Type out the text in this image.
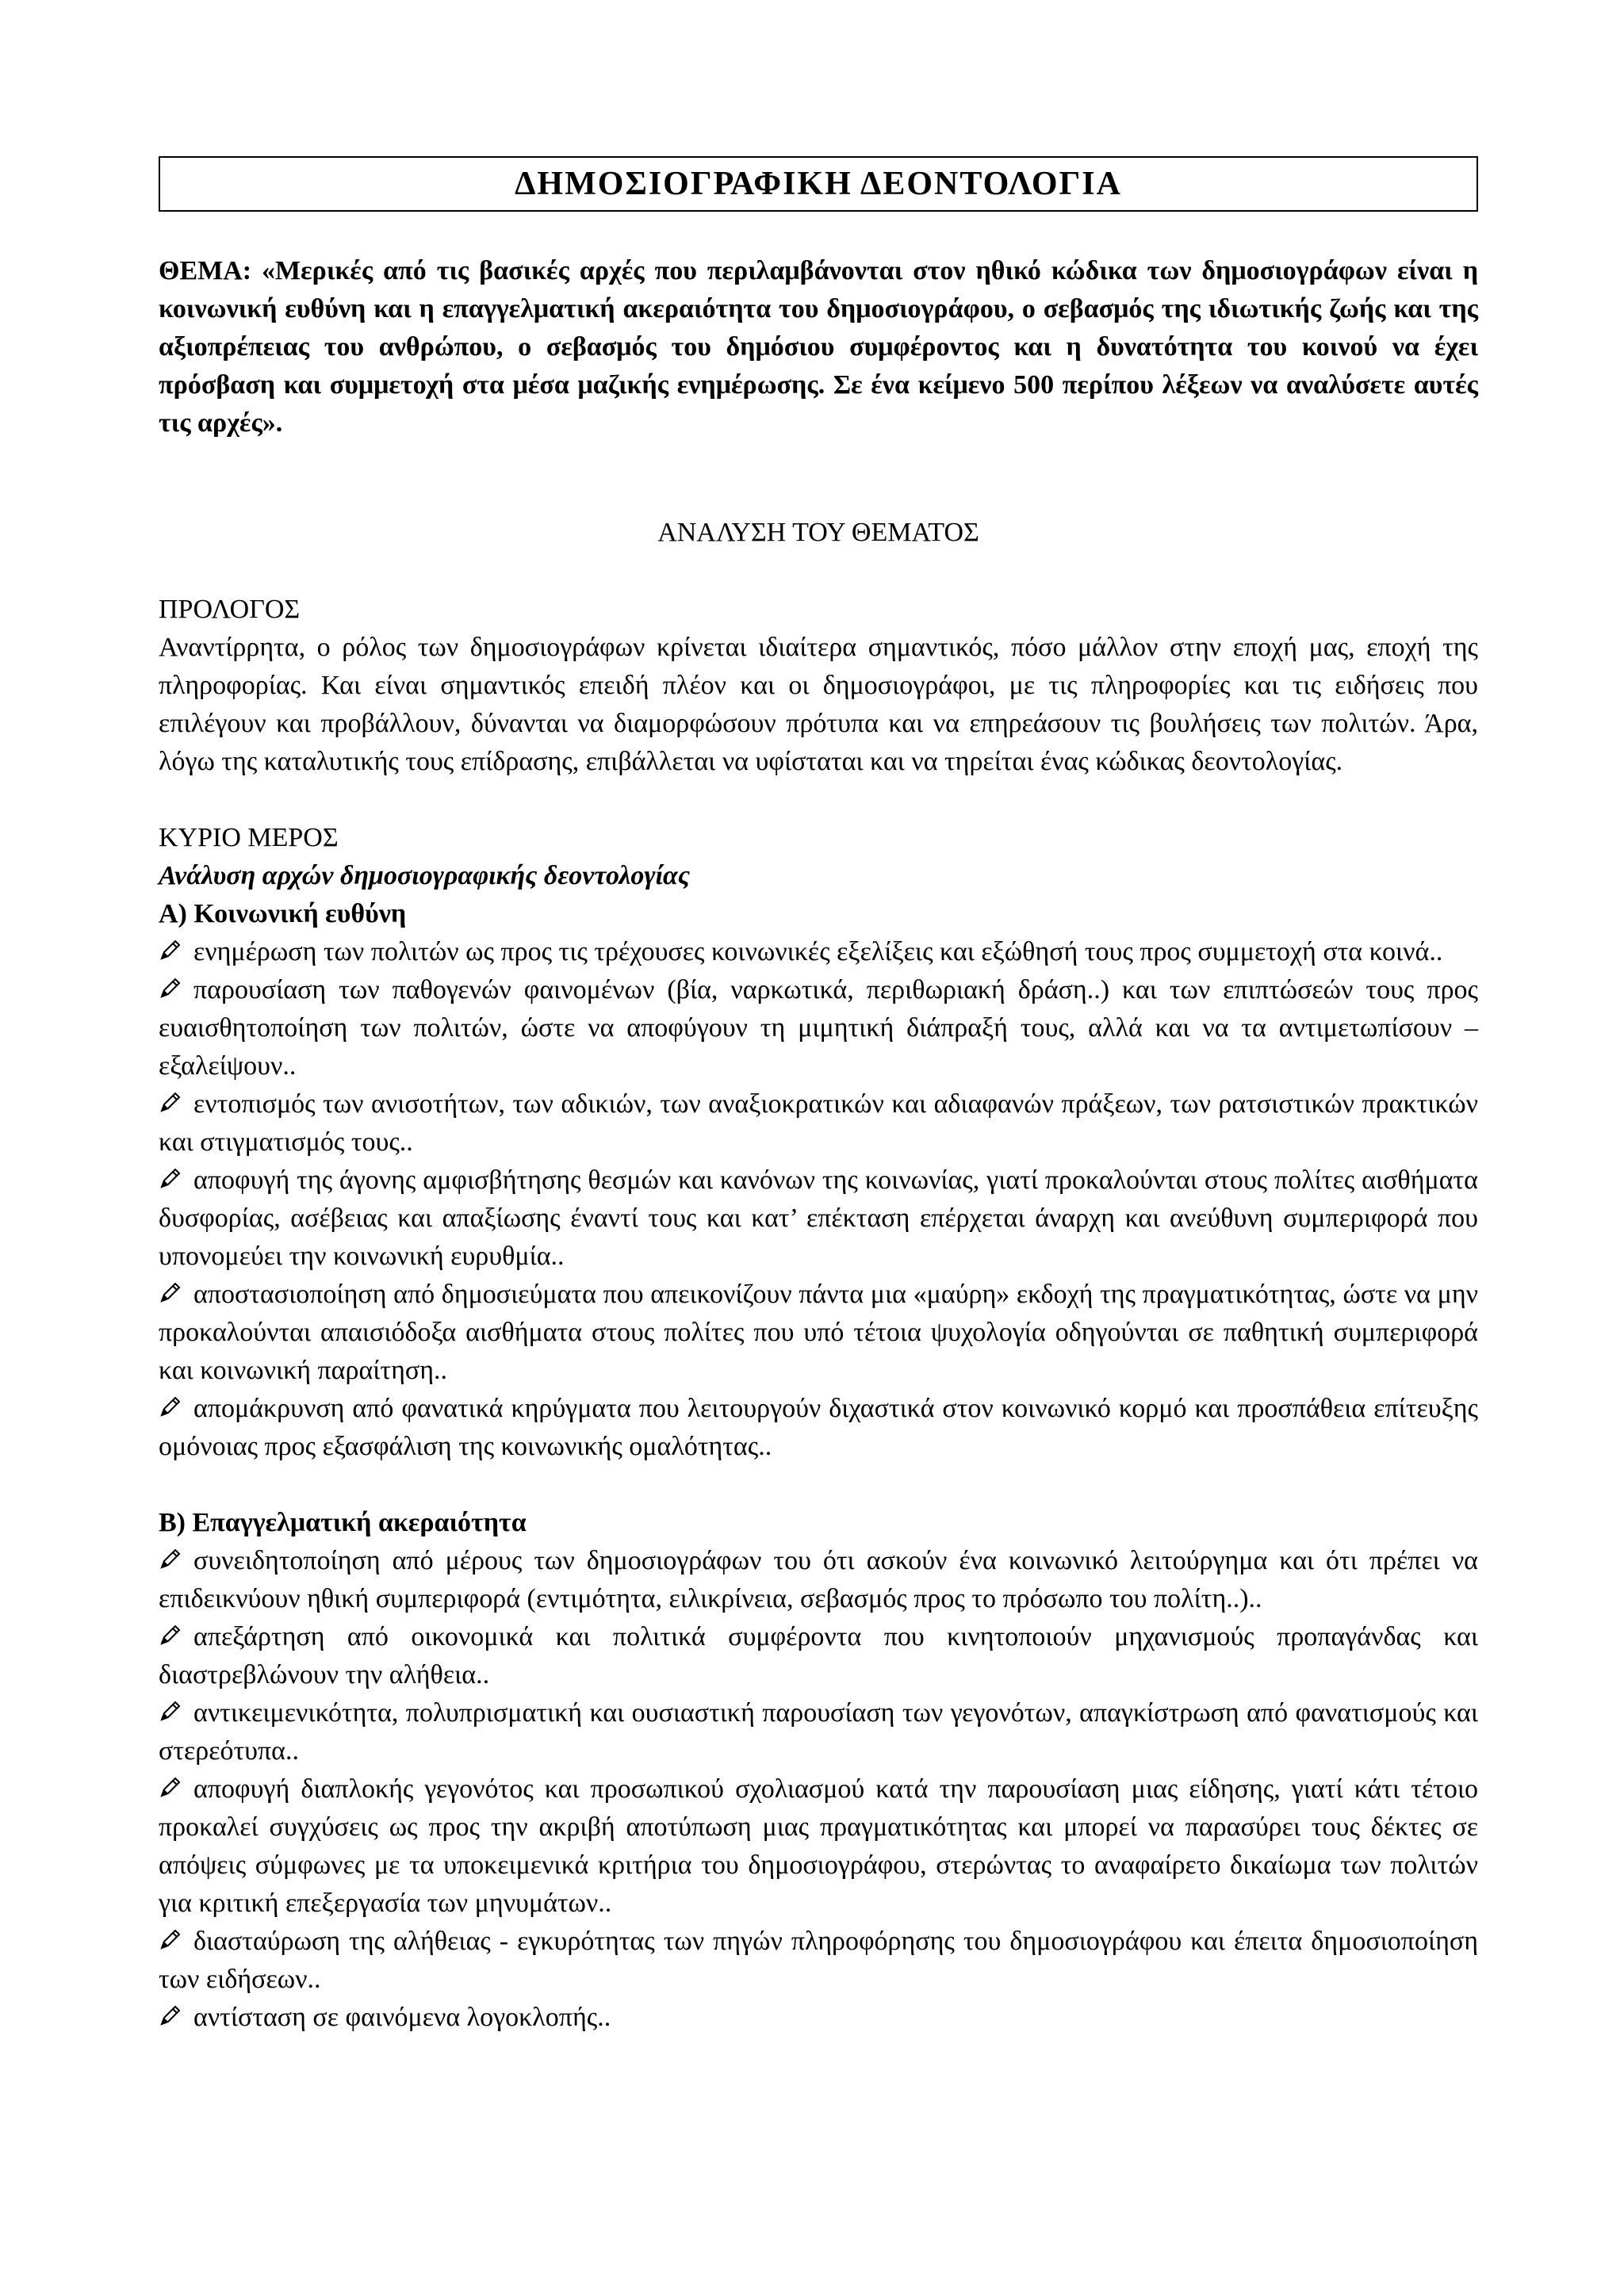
ΔΗΜΟΣΙΟΓΡΑΦΙΚΗ ΔΕΟΝΤΟΛΟΓΙΑ
ΘΕΜΑ: «Μερικές από τις βασικές αρχές που περιλαμβάνονται στον ηθικό κώδικα των δημοσιογράφων είναι η κοινωνική ευθύνη και η επαγγελματική ακεραιότητα του δημοσιογράφου, ο σεβασμός της ιδιωτικής ζωής και της αξιοπρέπειας του ανθρώπου, ο σεβασμός του δημόσιου συμφέροντος και η δυνατότητα του κοινού να έχει πρόσβαση και συμμετοχή στα μέσα μαζικής ενημέρωσης. Σε ένα κείμενο 500 περίπου λέξεων να αναλύσετε αυτές τις αρχές».
ΑΝΑΛΥΣΗ ΤΟΥ ΘΕΜΑΤΟΣ

ΠΡΟΛΟΓΟΣ

Αναντίρρητα, ο ρόλος των δημοσιογράφων κρίνεται ιδιαίτερα σημαντικός, πόσο μάλλον στην εποχή μας, εποχή της πληροφορίας. Και είναι σημαντικός επειδή πλέον και οι δημοσιογράφοι, με τις πληροφορίες και τις ειδήσεις που επιλέγουν και προβάλλουν, δύνανται να διαμορφώσουν πρότυπα και να επηρεάσουν τις βουλήσεις των πολιτών. Άρα, λόγω της καταλυτικής τους επίδρασης, επιβάλλεται να υφίσταται και να τηρείται ένας κώδικας δεοντολογίας.

ΚΥΡΙΟ ΜΕΡΟΣ

Ανάλυση αρχών δημοσιογραφικής δεοντολογίας

Α) Κοινωνική ευθύνη

ενημέρωση των πολιτών ως προς τις τρέχουσες κοινωνικές εξελίξεις και εξώθησή τους προς συμμετοχή στα κοινά..

παρουσίαση των παθογενών φαινομένων (βία, ναρκωτικά, περιθωριακή δράση..) και των επιπτώσεών τους προς ευαισθητοποίηση των πολιτών, ώστε να αποφύγουν τη μιμητική διάπραξή τους, αλλά και να τα αντιμετωπίσουν – εξαλείψουν..

εντοπισμός των ανισοτήτων, των αδικιών, των αναξιοκρατικών και αδιαφανών πράξεων, των ρατσιστικών πρακτικών και στιγματισμός τους..

αποφυγή της άγονης αμφισβήτησης θεσμών και κανόνων της κοινωνίας, γιατί προκαλούνται στους πολίτες αισθήματα δυσφορίας, ασέβειας και απαξίωσης έναντί τους και κατ’ επέκταση επέρχεται άναρχη και ανεύθυνη συμπεριφορά που υπονομεύει την κοινωνική ευρυθμία..

αποστασιοποίηση από δημοσιεύματα που απεικονίζουν πάντα μια «μαύρη» εκδοχή της πραγματικότητας, ώστε να μην προκαλούνται απαισιόδοξα αισθήματα στους πολίτες που υπό τέτοια ψυχολογία οδηγούνται σε παθητική συμπεριφορά και κοινωνική παραίτηση..

απομάκρυνση από φανατικά κηρύγματα που λειτουργούν διχαστικά στον κοινωνικό κορμό και προσπάθεια επίτευξης ομόνοιας προς εξασφάλιση της κοινωνικής ομαλότητας..

Β) Επαγγελματική ακεραιότητα

συνειδητοποίηση από μέρους των δημοσιογράφων του ότι ασκούν ένα κοινωνικό λειτούργημα και ότι πρέπει να επιδεικνύουν ηθική συμπεριφορά (εντιμότητα, ειλικρίνεια, σεβασμός προς το πρόσωπο του πολίτη..)..

απεξάρτηση από οικονομικά και πολιτικά συμφέροντα που κινητοποιούν μηχανισμούς προπαγάνδας και διαστρεβλώνουν την αλήθεια..

αντικειμενικότητα, πολυπρισματική και ουσιαστική παρουσίαση των γεγονότων, απαγκίστρωση από φανατισμούς και στερεότυπα..

αποφυγή διαπλοκής γεγονότος και προσωπικού σχολιασμού κατά την παρουσίαση μιας είδησης, γιατί κάτι τέτοιο προκαλεί συγχύσεις ως προς την ακριβή αποτύπωση μιας πραγματικότητας και μπορεί να παρασύρει τους δέκτες σε απόψεις σύμφωνες με τα υποκειμενικά κριτήρια του δημοσιογράφου, στερώντας το αναφαίρετο δικαίωμα των πολιτών για κριτική επεξεργασία των μηνυμάτων..

διασταύρωση της αλήθειας - εγκυρότητας των πηγών πληροφόρησης του δημοσιογράφου και έπειτα δημοσιοποίηση των ειδήσεων..

αντίσταση σε φαινόμενα λογοκλοπής..
